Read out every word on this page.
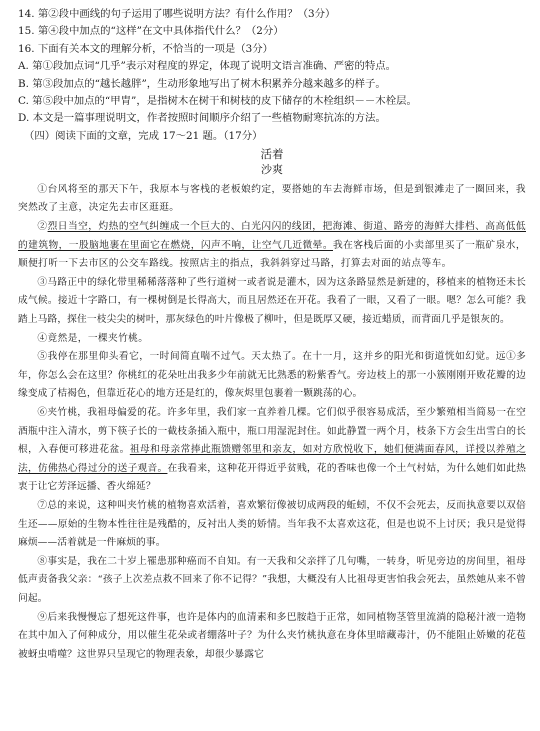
14. 第②段中画线的句子运用了哪些说明方法？有什么作用？（3分）
15. 第④段中加点的“这样”在文中具体指代什么？（2分）
16. 下面有关本文的理解分析，不恰当的一项是（3分）
A. 第①段加点词“几乎”表示对程度的界定，体现了说明文语言准确、严密的特点。
B. 第③段加点的“越长越胖”，生动形象地写出了树木积累养分越来越多的样子。
C. 第⑤段中加点的“甲胄”，是指树木在树干和树枝的皮下储存的木栓组织－－木栓层。
D. 本文是一篇事理说明文，作者按照时间顺序介绍了一些植物耐寒抗冻的方法。
（四）阅读下面的文章，完成 17～21 题。（17分）
活着
沙爽

①台风将至的那天下午，我原本与客栈的老板娘约定，要搭她的车去海鲜市场，但是到银滩走了一圈回来，我突然改了主意，决定先去市区逛逛。

②烈日当空，灼热的空气纠缠成一个巨大的、白光闪闪的线团，把海滩、街道、路旁的海鲜大排档、高高低低的建筑物，一股脑地裹在里面它在燃烧，闪声不响，让空气几近微晕。我在客栈后面的小卖部里买了一瓶矿泉水，顺便打听一下去市区的公交车路线。按照店主的指点，我斜斜穿过马路，打算去对面的站点等车。

③马路正中的绿化带里稀稀落落种了些行道树一或者说是灌木，因为这条路显然是新建的，移植来的植物还未长成气候。接近十字路口，有一棵树倒是长得高大，而且居然还在开花。我看了一眼，又看了一眼。嗯？怎么可能？我踏上马路，探住一枝尖尖的树叶，那灰绿色的叶片像极了柳叶，但是既厚又硬，接近蜡质，而背面几乎是银灰的。

④竟然是，一棵夹竹桃。

⑤我停在那里仰头看它，一时间简直喘不过气。天太热了。在十一月，这并乡的阳光和街道恍如幻觉。远①多年，你怎么会在这里？你桃红的花朵吐出我多少年前就无比熟悉的粉紫香气。旁边枝上的那一小簇刚刚开败花瓣的边缘变成了桔褐色，但靠近花心的地方还是红的，像灰烬里包裹着一颗跳荡的心。

⑥夹竹桃，我祖母偏爱的花。许多年里，我们家一直养着几棵。它们似乎很容易成活，至少繁殖相当简易一在空酒瓶中注入清水，剪下筷子长的一截枝条插入瓶中，瓶口用湿泥封住。如此静置一两个月，枝条下方会生出雪白的长根，入春便可移进花盆。祖母和母亲常捧此瓶馈赠邻里和亲友，如对方欣悦收下，她们便满面春风，详授以养殖之法，仿佛热心得过分的送子观音。在我看来，这种花开得近乎贫贱，花的香味也像一个土气村姑，为什么她们如此热衷于让它芳泽远播、香火绵延？

⑦总的来说，这种叫夹竹桃的植物喜欢活着，喜欢繁衍像被切成两段的蚯蚓，不仅不会死去，反而执意要以双倍生还——原始的生物本性往往是残酷的，反衬出人类的娇情。当年我不太喜欢这花，但是也说不上讨厌；我只是觉得麻烦——活着就是一件麻烦的事。

⑧事实是，我在二十岁上罹患那种癌而不自知。有一天我和父亲拌了几句嘴，一转身，听见旁边的房间里，祖母低声责备我父亲：“孩子上次差点救不回来了你不记得？”我想，大概没有人比祖母更害怕我会死去，虽然她从来不曾问起。

⑨后来我慢慢忘了想死这件事，也许是体内的血清素和多巴胺趋于正常，如同植物茎管里流淌的隐秘汁液一造物在其中加入了何种成分，用以催生花朵或者绷落叶子？为什么夹竹桃执意在身体里暗藏毒汁，仍不能阻止娇嫩的花苞被蚜虫啃噬？这世界只呈现它的物理表象，却很少暴露它
